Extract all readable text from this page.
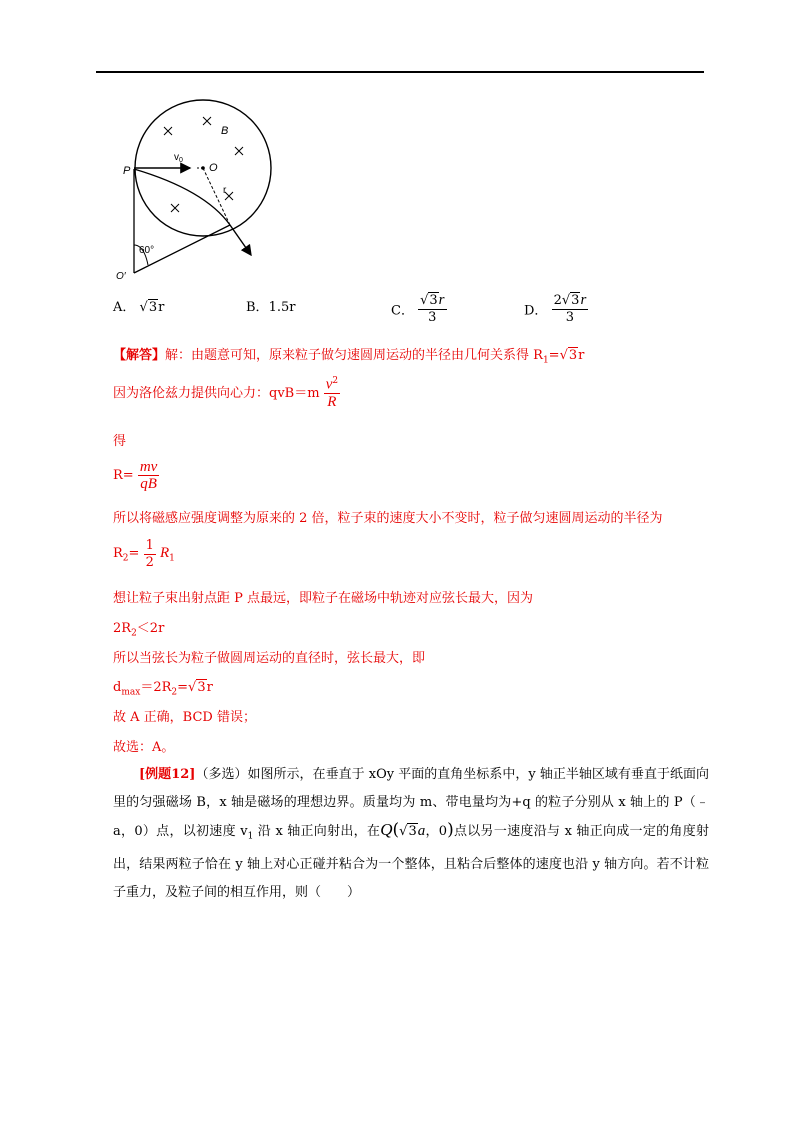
P	O
O′
B
$v_0$
r
60°
A． √3r	B．1.5r	C． $\frac{√3r}{3}$	D． $\frac{2√3r}{3}$
【解答】解：由题意可知，原来粒子做匀速圆周运动的半径由几何关系得 $R_1=√3r$
因为洛伦兹力提供向心力：$qvB=m \frac{v^2}{R}$
得
$R= \frac{mv}{qB}$
所以将磁感应强度调整为原来的 2 倍，粒子束的速度大小不变时，粒子做匀速圆周运动的半径为
$R_2= \frac{1}{2} R_1$
想让粒子束出射点距 P 点最远，即粒子在磁场中轨迹对应弦长最大，因为
$2R_2<2r$
所以当弦长为粒子做圆周运动的直径时，弦长最大，即
$d_{max}=2R_2=√3r$
故 A 正确，BCD 错误；
故选：A。
[例题12]（多选）如图所示，在垂直于 xOy 平面的直角坐标系中，y 轴正半轴区域有垂直于纸面向里的匀强磁场 B，x 轴是磁场的理想边界。质量均为 m、带电量均为+q 的粒子分别从 x 轴上的 P（﹣a，0）点，以初速度 $v_1$ 沿 x 轴正向射出，在Q(√3a，0)点以另一速度沿与 x 轴正向成一定的角度射出，结果两粒子恰在 y 轴上对心正碰并粘合为一个整体，且粘合后整体的速度也沿 y 轴方向。若不计粒子重力，及粒子间的相互作用，则（　　）
